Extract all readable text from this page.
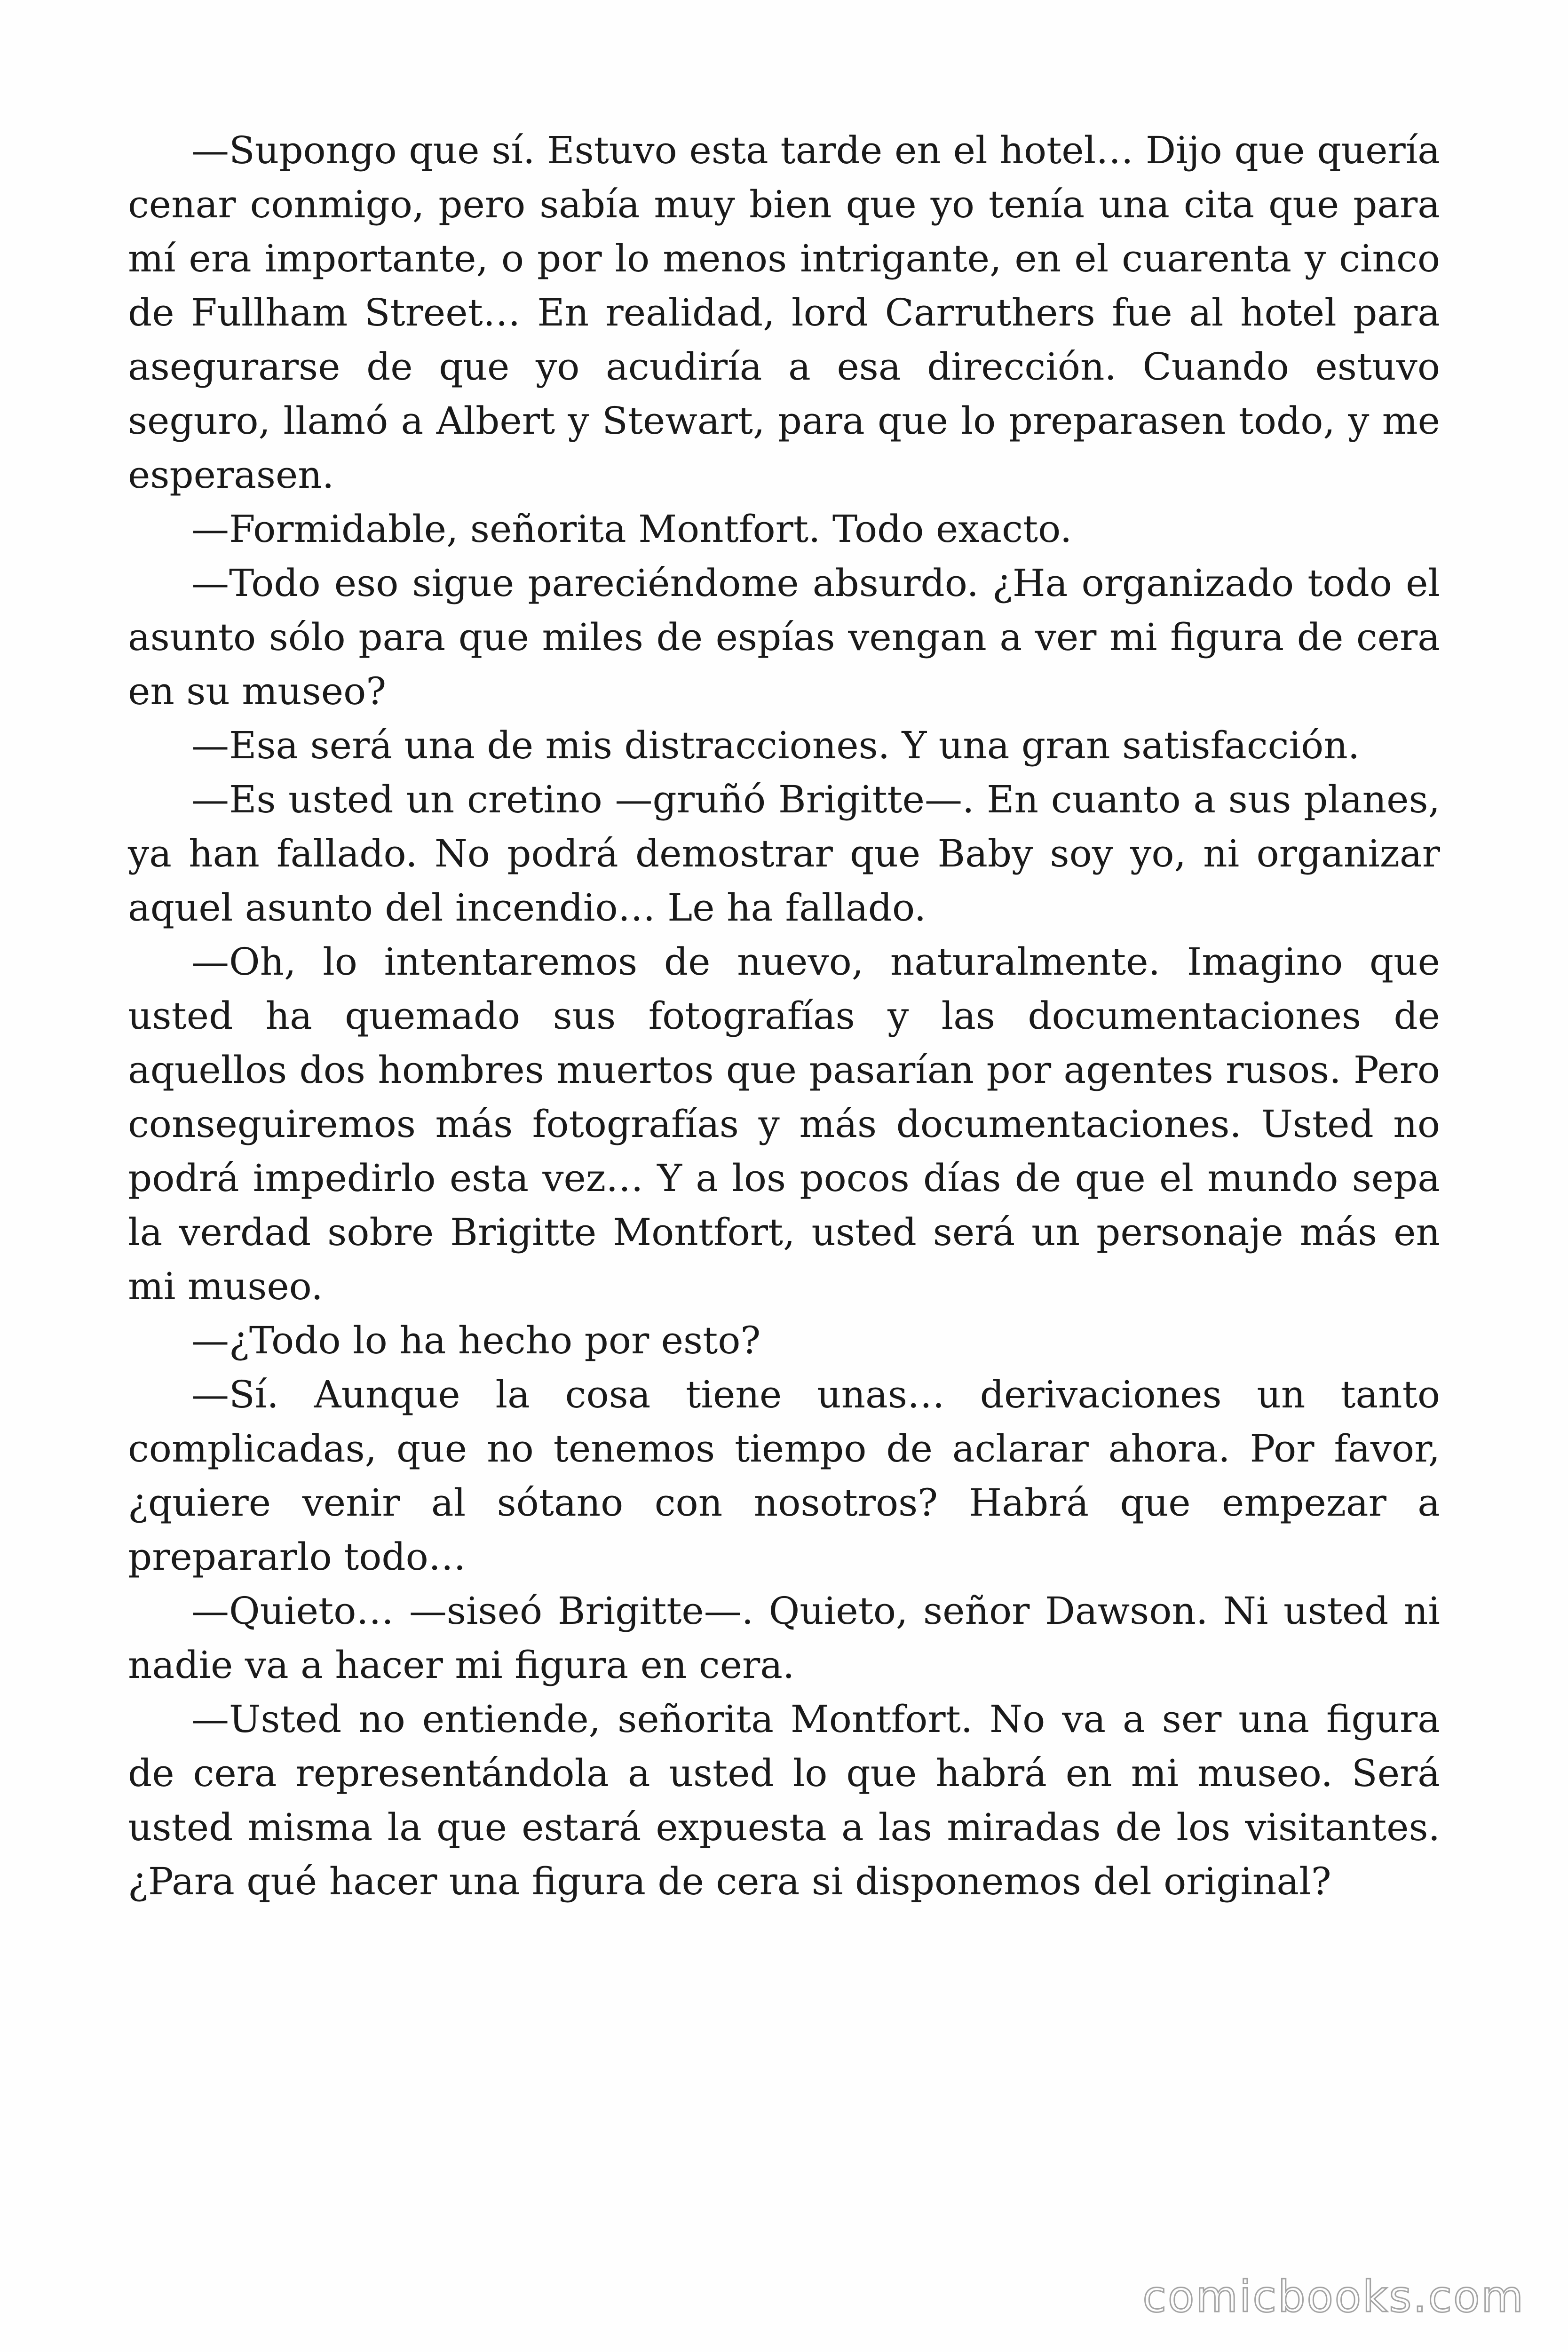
—Supongo que sí. Estuvo esta tarde en el hotel… Dijo que quería cenar conmigo, pero sabía muy bien que yo tenía una cita que para mí era importante, o por lo menos intrigante, en el cuarenta y cinco de Fullham Street… En realidad, lord Carruthers fue al hotel para asegurarse de que yo acudiría a esa dirección. Cuando estuvo seguro, llamó a Albert y Stewart, para que lo preparasen todo, y me esperasen.

—Formidable, señorita Montfort. Todo exacto.

—Todo eso sigue pareciéndome absurdo. ¿Ha organizado todo el asunto sólo para que miles de espías vengan a ver mi figura de cera en su museo?

—Esa será una de mis distracciones. Y una gran satisfacción.

—Es usted un cretino —gruñó Brigitte—. En cuanto a sus planes, ya han fallado. No podrá demostrar que Baby soy yo, ni organizar aquel asunto del incendio… Le ha fallado.

—Oh, lo intentaremos de nuevo, naturalmente. Imagino que usted ha quemado sus fotografías y las documentaciones de aquellos dos hombres muertos que pasarían por agentes rusos. Pero conseguiremos más fotografías y más documentaciones. Usted no podrá impedirlo esta vez… Y a los pocos días de que el mundo sepa la verdad sobre Brigitte Montfort, usted será un personaje más en mi museo.

—¿Todo lo ha hecho por esto?

—Sí. Aunque la cosa tiene unas… derivaciones un tanto complicadas, que no tenemos tiempo de aclarar ahora. Por favor, ¿quiere venir al sótano con nosotros? Habrá que empezar a prepararlo todo…

—Quieto… —siseó Brigitte—. Quieto, señor Dawson. Ni usted ni nadie va a hacer mi figura en cera.

—Usted no entiende, señorita Montfort. No va a ser una figura de cera representándola a usted lo que habrá en mi museo. Será usted misma la que estará expuesta a las miradas de los visitantes. ¿Para qué hacer una figura de cera si disponemos del original?

comicbooks.com
